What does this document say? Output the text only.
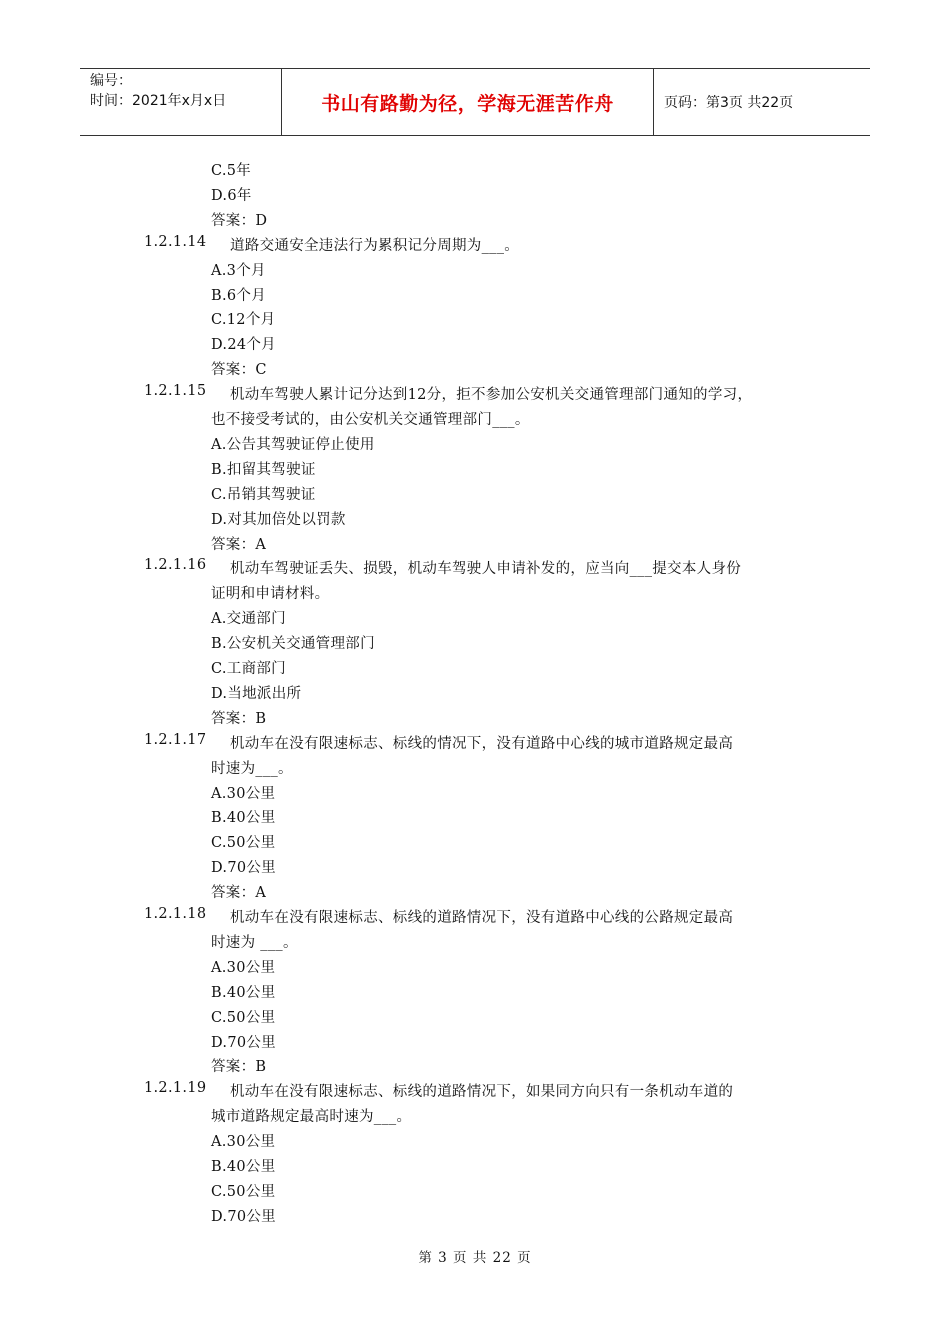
编号：
时间：2021年x月x日	书山有路勤为径，学海无涯苦作舟	页码：第3页 共22页
C.5年
D.6年
答案：D
1.2.1.14 道路交通安全违法行为累积记分周期为___。
A.3个月
B.6个月
C.12个月
D.24个月
答案：C
1.2.1.15 机动车驾驶人累计记分达到12分，拒不参加公安机关交通管理部门通知的学习，
也不接受考试的，由公安机关交通管理部门___。
A.公告其驾驶证停止使用
B.扣留其驾驶证
C.吊销其驾驶证
D.对其加倍处以罚款
答案：A
1.2.1.16 机动车驾驶证丢失、损毁，机动车驾驶人申请补发的，应当向___提交本人身份
证明和申请材料。
A.交通部门
B.公安机关交通管理部门
C.工商部门
D.当地派出所
答案：B
1.2.1.17 机动车在没有限速标志、标线的情况下，没有道路中心线的城市道路规定最高
时速为___。
A.30公里
B.40公里
C.50公里
D.70公里
答案：A
1.2.1.18 机动车在没有限速标志、标线的道路情况下，没有道路中心线的公路规定最高
时速为 ___。
A.30公里
B.40公里
C.50公里
D.70公里
答案：B
1.2.1.19 机动车在没有限速标志、标线的道路情况下，如果同方向只有一条机动车道的
城市道路规定最高时速为___。
A.30公里
B.40公里
C.50公里
D.70公里
第 3 页 共 22 页
